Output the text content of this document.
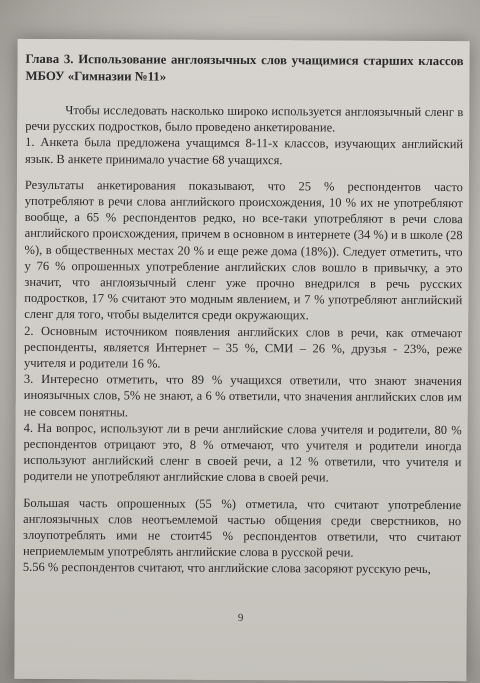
Глава 3. Использование англоязычных слов учащимися старших классов МБОУ «Гимназии №11»

Чтобы исследовать насколько широко используется англоязычный сленг в речи русских подростков, было проведено анкетирование.

1. Анкета была предложена учащимся 8-11-х классов, изучающих английский язык. В анкете принимало участие 68 учащихся.

Результаты анкетирования показывают, что 25 % респондентов часто употребляют в речи слова английского происхождения, 10 % их не употребляют вообще, а 65 % респондентов редко, но все-таки употребляют в речи слова английского происхождения, причем в основном в интернете (34 %) и в школе (28 %), в общественных местах 20 % и еще реже дома (18%)). Следует отметить, что у 76 % опрошенных употребление английских слов вошло в привычку, а это значит, что англоязычный сленг уже прочно внедрился в речь русских подростков, 17 % считают это модным явлением, и 7 % употребляют английский сленг для того, чтобы выделится среди окружающих.

2. Основным источником появления английских слов в речи, как отмечают респонденты, является Интернет – 35 %, СМИ – 26 %, друзья - 23%, реже учителя и родители 16 %.

3. Интересно отметить, что 89 % учащихся ответили, что знают значения иноязычных слов, 5% не знают, а 6 % ответили, что значения английских слов им не совсем понятны.

4. На вопрос, используют ли в речи английские слова учителя и родители, 80 % респондентов отрицают это, 8 % отмечают, что учителя и родители иногда используют английский сленг в своей речи, а 12 % ответили, что учителя и родители не употребляют английские слова в своей речи.

Большая часть опрошенных (55 %) отметила, что считают употребление англоязычных слов неотъемлемой частью общения среди сверстников, но злоупотреблять ими не стоит45 % респондентов ответили, что считают неприемлемым употреблять английские слова в русской речи.

5.56 % респондентов считают, что английские слова засоряют русскую речь,

9
